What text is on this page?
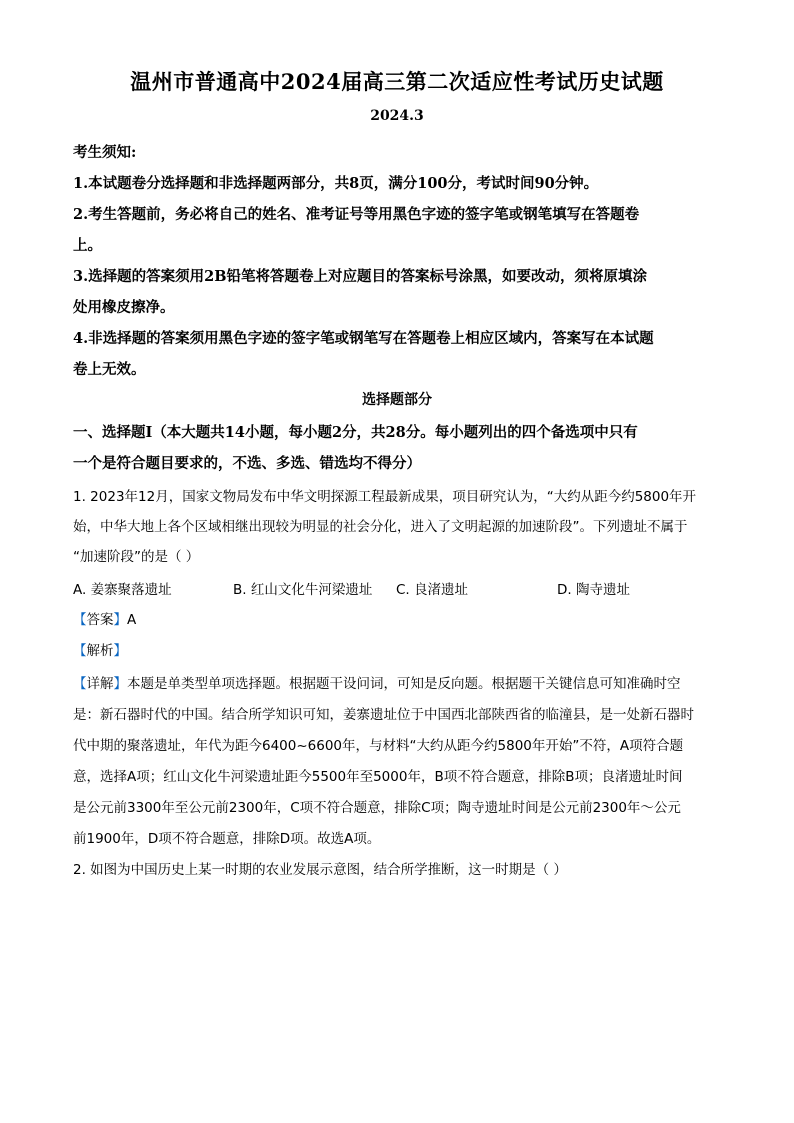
温州市普通高中2024届高三第二次适应性考试历史试题
2024.3
考生须知:
1.本试题卷分选择题和非选择题两部分，共8页，满分100分，考试时间90分钟。
2.考生答题前，务必将自己的姓名、准考证号等用黑色字迹的签字笔或钢笔填写在答题卷
上。
3.选择题的答案须用2B铅笔将答题卷上对应题目的答案标号涂黑，如要改动，须将原填涂
处用橡皮擦净。
4.非选择题的答案须用黑色字迹的签字笔或钢笔写在答题卷上相应区域内，答案写在本试题
卷上无效。
选择题部分
一、选择题Ⅰ（本大题共14小题，每小题2分，共28分。每小题列出的四个备选项中只有
一个是符合题目要求的，不选、多选、错选均不得分）
1. 2023年12月，国家文物局发布中华文明探源工程最新成果，项目研究认为，“大约从距今约5800年开
始，中华大地上各个区域相继出现较为明显的社会分化，进入了文明起源的加速阶段”。下列遗址不属于
“加速阶段”的是（ ）
A. 姜寨聚落遗址	B. 红山文化牛河梁遗址 C. 良渚遗址	D. 陶寺遗址
【答案】A
【解析】
【详解】本题是单类型单项选择题。根据题干设问词，可知是反向题。根据题干关键信息可知准确时空
是：新石器时代的中国。结合所学知识可知，姜寨遗址位于中国西北部陕西省的临潼县，是一处新石器时
代中期的聚落遗址，年代为距今6400~6600年，与材料“大约从距今约5800年开始”不符，A项符合题
意，选择A项；红山文化牛河梁遗址距今5500年至5000年，B项不符合题意，排除B项；良渚遗址时间
是公元前3300年至公元前2300年，C项不符合题意，排除C项；陶寺遗址时间是公元前2300年～公元
前1900年，D项不符合题意，排除D项。故选A项。
2. 如图为中国历史上某一时期的农业发展示意图，结合所学推断，这一时期是（ ）
